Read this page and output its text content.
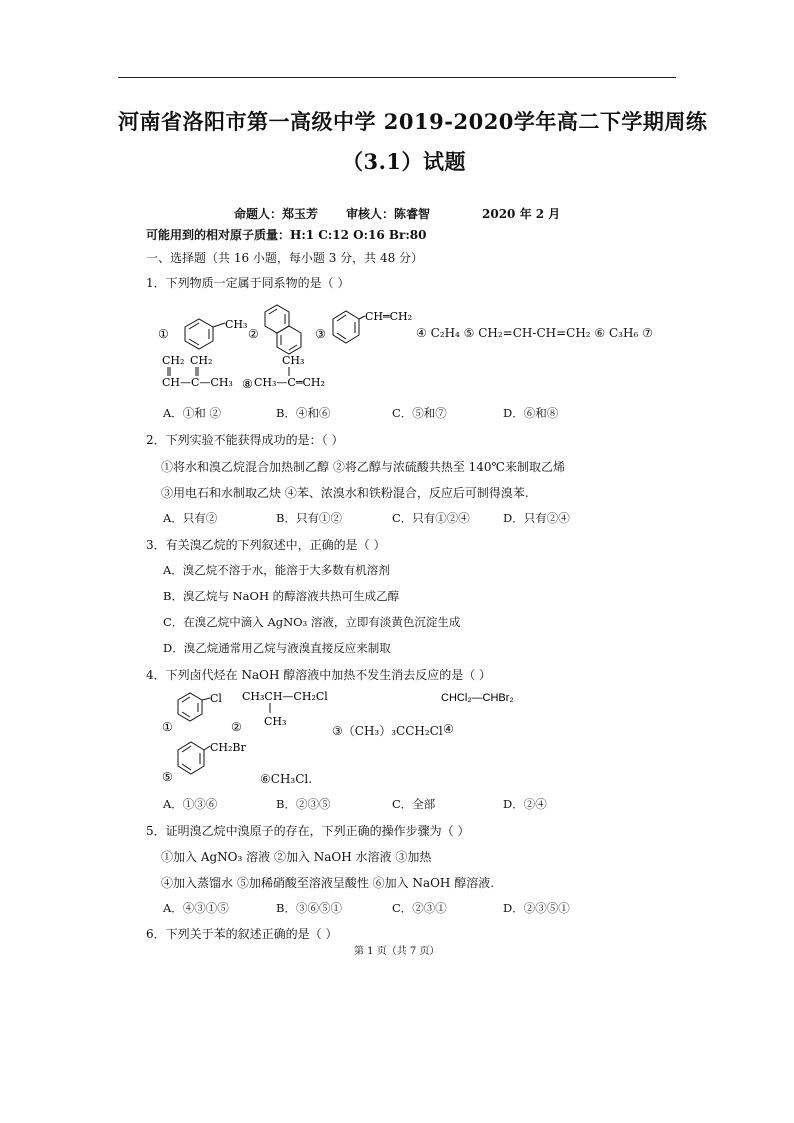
河南省洛阳市第一高级中学 2019-2020学年高二下学期周练
（3.1）试题
命题人：郑玉芳 审核人：陈睿智	2020 年 2 月
可能用到的相对原子质量：H:1 C:12 O:16 Br:80
一、选择题（共 16 小题，每小题 3 分，共 48 分）
1．下列物质一定属于同系物的是（ ）
①
CH₃
②	③
CH═CH₂
④ C₂H₄ ⑤ CH₂=CH-CH=CH₂ ⑥ C₃H₆ ⑦
CH₂ CH₂
CH—C—CH₃ ⑧
CH₃
CH₃—C═CH₂
A．①和 ②	B．④和⑥	C．⑤和⑦	D．⑥和⑧
2．下列实验不能获得成功的是：（ ）
①将水和溴乙烷混合加热制乙醇 ②将乙醇与浓硫酸共热至 140℃来制取乙烯
③用电石和水制取乙炔 ④苯、浓溴水和铁粉混合，反应后可制得溴苯.
A．只有②	B．只有①②	C．只有①②④	D．只有②④
3．有关溴乙烷的下列叙述中，正确的是（ ）
A．溴乙烷不溶于水，能溶于大多数有机溶剂
B．溴乙烷与 NaOH 的醇溶液共热可生成乙醇
C．在溴乙烷中滴入 AgNO₃ 溶液，立即有淡黄色沉淀生成
D．溴乙烷通常用乙烷与液溴直接反应来制取
4．下列卤代烃在 NaOH 醇溶液中加热不发生消去反应的是（ ）
①
Cl
②
CH₃CH—CH₂Cl
CH₃
CHCl₂—CHBr₂
⑤
CH₂Br
③（CH₃）₃CCH₂Cl ④
⑥CH₃Cl.
A．①③⑥	B．②③⑤	C．全部	D．②④
5．证明溴乙烷中溴原子的存在，下列正确的操作步骤为（ ）
①加入 AgNO₃ 溶液 ②加入 NaOH 水溶液 ③加热
④加入蒸馏水 ⑤加稀硝酸至溶液呈酸性 ⑥加入 NaOH 醇溶液.
A．④③①⑤	B．③⑥⑤①	C．②③①	D．②③⑤①
6．下列关于苯的叙述正确的是（ ）
第 1 页（共 7 页）
